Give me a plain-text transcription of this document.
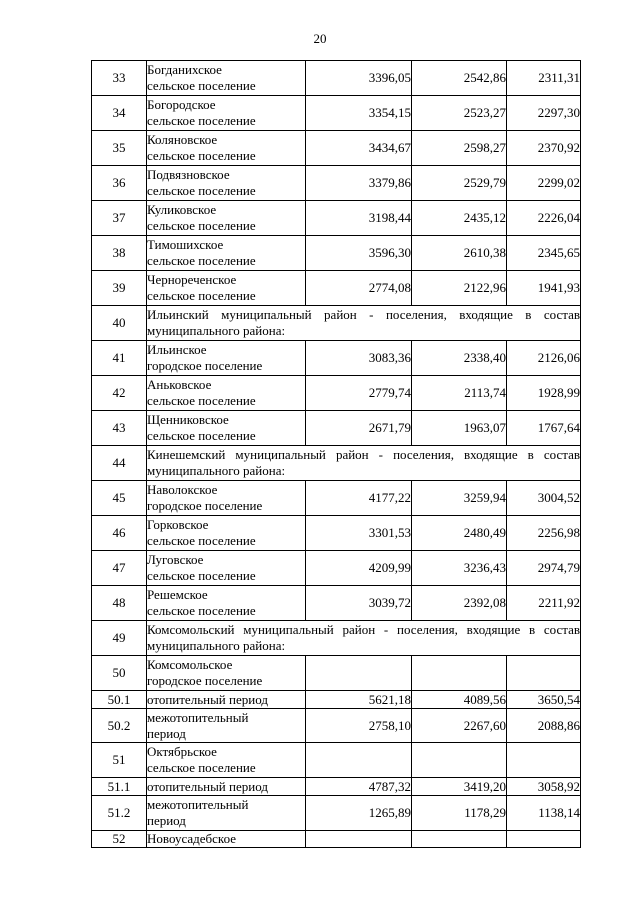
20
33	Богданихское
сельское поселение	3396,05	2542,86	2311,31
34	Богородское
сельское поселение	3354,15	2523,27	2297,30
35	Коляновское
сельское поселение	3434,67	2598,27	2370,92
36	Подвязновское
сельское поселение	3379,86	2529,79	2299,02
37	Куликовское
сельское поселение	3198,44	2435,12	2226,04
38	Тимошихское
сельское поселение	3596,30	2610,38	2345,65
39	Чернореченское
сельское поселение	2774,08	2122,96	1941,93
40	Ильинский муниципальный район - поселения, входящие в состав муниципального района:			
41	Ильинское
городское поселение	3083,36	2338,40	2126,06
42	Аньковское
сельское поселение	2779,74	2113,74	1928,99
43	Щенниковское
сельское поселение	2671,79	1963,07	1767,64
44	Кинешемский муниципальный район - поселения, входящие в состав муниципального района:			
45	Наволокское
городское поселение	4177,22	3259,94	3004,52
46	Горковское
сельское поселение	3301,53	2480,49	2256,98
47	Луговское
сельское поселение	4209,99	3236,43	2974,79
48	Решемское
сельское поселение	3039,72	2392,08	2211,92
49	Комсомольский муниципальный район - поселения, входящие в состав муниципального района:			
50	Комсомольское
городское поселение			

50.1	отопительный период	5621,18	4089,56	3650,54
50.2	межотопительный
период	2758,10	2267,60	2088,86
51	Октябрьское
сельское поселение			

51.1	отопительный период	4787,32	3419,20	3058,92
51.2	межотопительный
период	1265,89	1178,29	1138,14
52	Новоусадебское			
